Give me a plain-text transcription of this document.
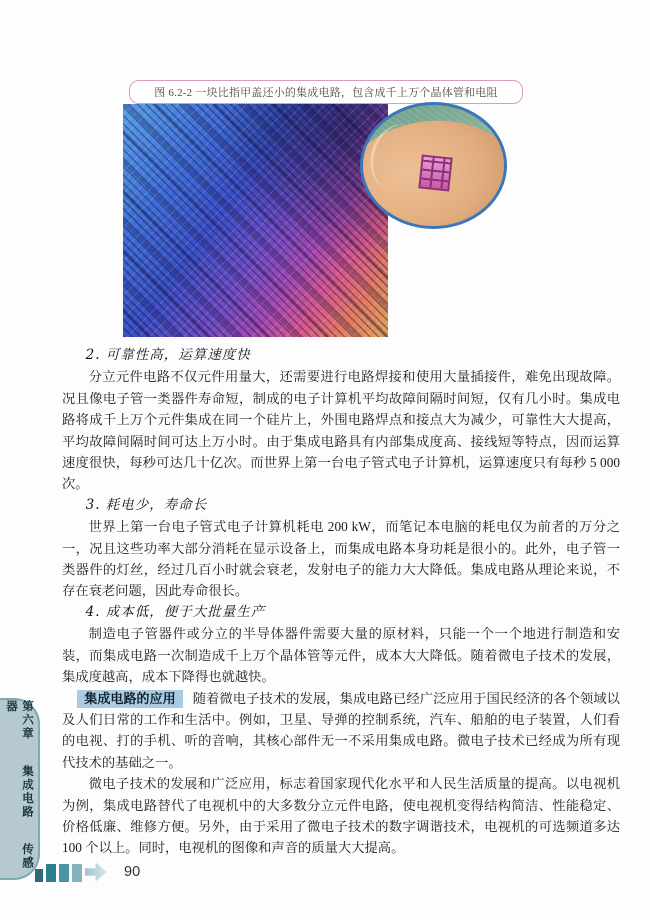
图 6.2-2 一块比指甲盖还小的集成电路，包含成千上万个晶体管和电阻
2. 可靠性高，运算速度快

分立元件电路不仅元件用量大，还需要进行电路焊接和使用大量插接件，难免出现故障。况且像电子管一类器件寿命短，制成的电子计算机平均故障间隔时间短，仅有几小时。集成电路将成千上万个元件集成在同一个硅片上，外围电路焊点和接点大为减少，可靠性大大提高，平均故障间隔时间可达上万小时。由于集成电路具有内部集成度高、接线短等特点，因而运算速度很快，每秒可达几十亿次。而世界上第一台电子管式电子计算机，运算速度只有每秒 5 000 次。

3. 耗电少，寿命长

世界上第一台电子管式电子计算机耗电 200 kW，而笔记本电脑的耗电仅为前者的万分之一，况且这些功率大部分消耗在显示设备上，而集成电路本身功耗是很小的。此外，电子管一类器件的灯丝，经过几百小时就会衰老，发射电子的能力大大降低。集成电路从理论来说，不存在衰老问题，因此寿命很长。

4. 成本低，便于大批量生产

制造电子管器件或分立的半导体器件需要大量的原材料，只能一个一个地进行制造和安装，而集成电路一次制造成千上万个晶体管等元件，成本大大降低。随着微电子技术的发展，集成度越高，成本下降得也就越快。

集成电路的应用 随着微电子技术的发展，集成电路已经广泛应用于国民经济的各个领域以及人们日常的工作和生活中。例如，卫星、导弹的控制系统，汽车、船舶的电子装置，人们看的电视、打的手机、听的音响，其核心部件无一不采用集成电路。微电子技术已经成为所有现代技术的基础之一。

微电子技术的发展和广泛应用，标志着国家现代化水平和人民生活质量的提高。以电视机为例，集成电路替代了电视机中的大多数分立元件电路，使电视机变得结构简洁、性能稳定、价格低廉、维修方便。另外，由于采用了微电子技术的数字调谐技术，电视机的可选频道多达 100 个以上。同时，电视机的图像和声音的质量大大提高。

第六章 集成电路 传感器
90
